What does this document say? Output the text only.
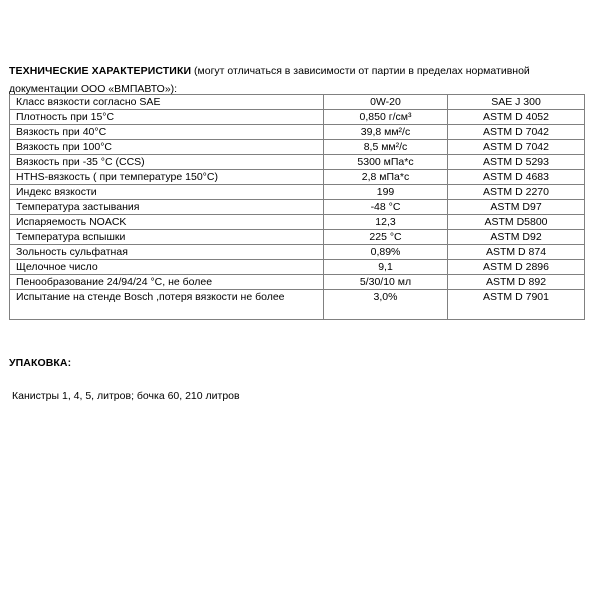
ТЕХНИЧЕСКИЕ ХАРАКТЕРИСТИКИ (могут отличаться в зависимости от партии в пределах нормативной документации ООО «ВМПАВТО»):

Класс вязкости согласно SAE	0W-20	SAE J 300
Плотность при 15°С	0,850 г/см³	ASTM D 4052
Вязкость при 40°С	39,8 мм²/с	ASTM D 7042
Вязкость при 100°С	8,5 мм²/с	ASTM D 7042
Вязкость при -35 °С (ССS)	5300 мПа*с	ASTM D 5293
HTHS-вязкость ( при температуре 150°С)	2,8 мПа*с	ASTM D 4683
Индекс вязкости	199	ASTM D 2270
Температура застывания	-48 °С	ASTM D97
Испаряемость NOACK	12,3	ASTM D5800
Температура вспышки	225 °С	ASTM D92
Зольность сульфатная	0,89%	ASTM D 874
Щелочное число	9,1	ASTM D 2896
Пенообразование 24/94/24 °С, не более	5/30/10 мл	ASTM D 892
Испытание на стенде Bosch ,потеря вязкости не более	3,0%	ASTM D 7901
УПАКОВКА:
Канистры 1, 4, 5, литров; бочка 60, 210 литров
